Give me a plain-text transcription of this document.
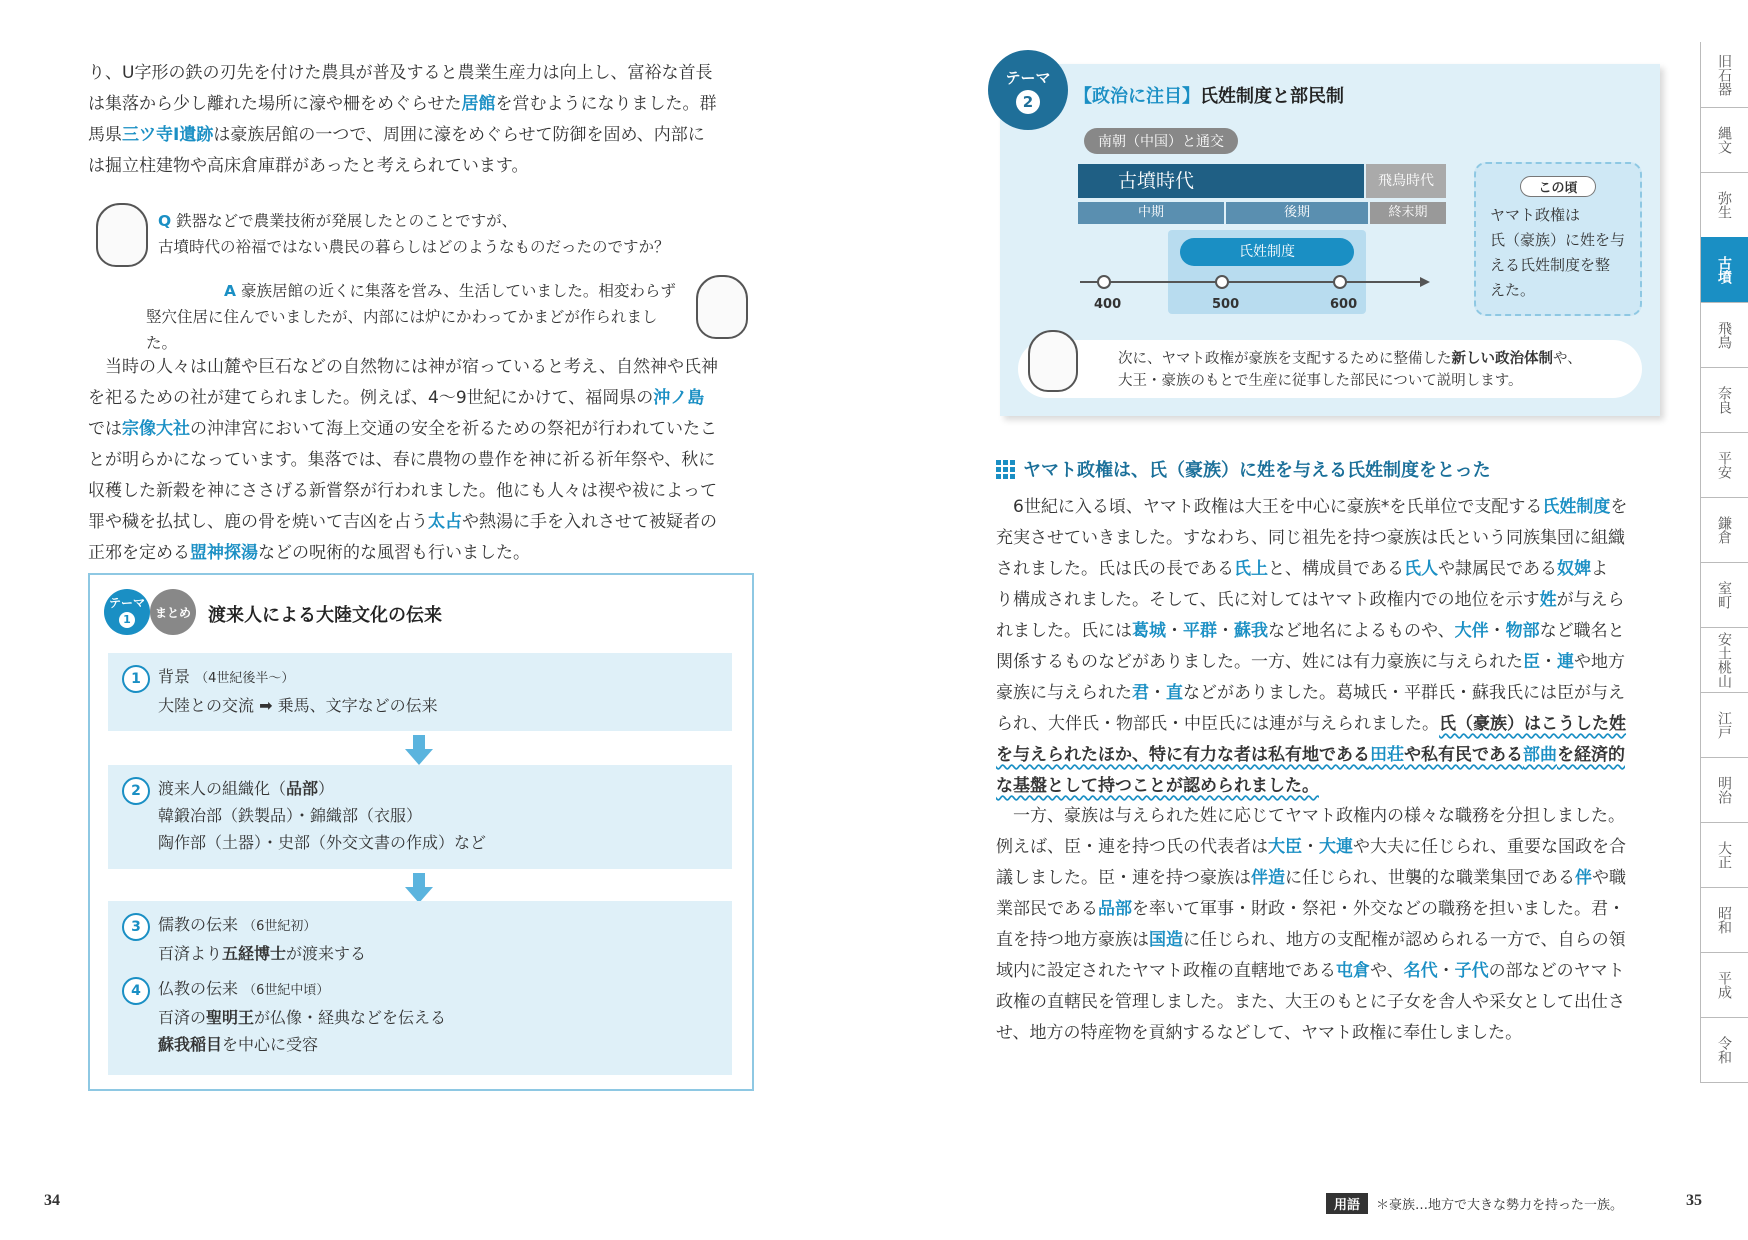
り、U字形の鉄の刃先を付けた農具が普及すると農業生産力は向上し、富裕な首長
は集落から少し離れた場所に濠や柵をめぐらせた居館を営むようになりました。群
馬県三ツ寺Ⅰ遺跡は豪族居館の一つで、周囲に濠をめぐらせて防御を固め、内部に
は掘立柱建物や高床倉庫群があったと考えられています。
Q 鉄器などで農業技術が発展したとのことですが、
古墳時代の裕福ではない農民の暮らしはどのようなものだったのですか？
A 豪族居館の近くに集落を営み、生活していました。相変わらず
竪穴住居に住んでいましたが、内部には炉にかわってかまどが作られました。
当時の人々は山麓や巨石などの自然物には神が宿っていると考え、自然神や氏神
を祀るための社が建てられました。例えば、4～9世紀にかけて、福岡県の沖ノ島
では宗像大社の沖津宮において海上交通の安全を祈るための祭祀が行われていたこ
とが明らかになっています。集落では、春に農物の豊作を神に祈る祈年祭や、秋に
収穫した新穀を神にささげる新嘗祭が行われました。他にも人々は禊や祓によって
罪や穢を払拭し、鹿の骨を焼いて吉凶を占う太占や熱湯に手を入れさせて被疑者の
正邪を定める盟神探湯などの呪術的な風習も行いました。
テーマ
1	まとめ 渡来人による大陸文化の伝来
1	背景 （4世紀後半～）
大陸との交流 ➡ 乗馬、文字などの伝来
2	渡来人の組織化（品部）
韓鍛冶部（鉄製品）・錦織部（衣服）
陶作部（土器）・史部（外交文書の作成）など
3	儒教の伝来 （6世紀初）
百済より五経博士が渡来する
4	仏教の伝来 （6世紀中頃）
百済の聖明王が仏像・経典などを伝える
蘇我稲目を中心に受容
34
【政治に注目】氏姓制度と部民制
南朝（中国）と通交
古墳時代	飛鳥時代
中期	後期	終末期
氏姓制度
400	500	600
この頃
ヤマト政権は
氏（豪族）に姓を与
える氏姓制度を整
えた。
次に、ヤマト政権が豪族を支配するために整備した新しい政治体制や、
大王・豪族のもとで生産に従事した部民について説明します。
テーマ
2
ヤマト政権は、氏（豪族）に姓を与える氏姓制度をとった
6世紀に入る頃、ヤマト政権は大王を中心に豪族*を氏単位で支配する氏姓制度を
充実させていきました。すなわち、同じ祖先を持つ豪族は氏という同族集団に組織
されました。氏は氏の長である氏上と、構成員である氏人や隷属民である奴婢よ
り構成されました。そして、氏に対してはヤマト政権内での地位を示す姓が与えら
れました。氏には葛城・平群・蘇我など地名によるものや、大伴・物部など職名と
関係するものなどがありました。一方、姓には有力豪族に与えられた臣・連や地方
豪族に与えられた君・直などがありました。葛城氏・平群氏・蘇我氏には臣が与え
られ、大伴氏・物部氏・中臣氏には連が与えられました。氏（豪族）はこうした姓
を与えられたほか、特に有力な者は私有地である田荘や私有民である部曲を経済的
な基盤として持つことが認められました。
一方、豪族は与えられた姓に応じてヤマト政権内の様々な職務を分担しました。
例えば、臣・連を持つ氏の代表者は大臣・大連や大夫に任じられ、重要な国政を合
議しました。臣・連を持つ豪族は伴造に任じられ、世襲的な職業集団である伴や職
業部民である品部を率いて軍事・財政・祭祀・外交などの職務を担いました。君・
直を持つ地方豪族は国造に任じられ、地方の支配権が認められる一方で、自らの領
域内に設定されたヤマト政権の直轄地である屯倉や、名代・子代の部などのヤマト
政権の直轄民を管理しました。また、大王のもとに子女を舎人や采女として出仕さ
せ、地方の特産物を貢納するなどして、ヤマト政権に奉仕しました。
用語	＊豪族…地方で大きな勢力を持った一族。	35
旧石器
縄文
弥生
古墳
飛鳥
奈良
平安
鎌倉
室町
安土桃山
江戸
明治
大正
昭和
平成
令和
